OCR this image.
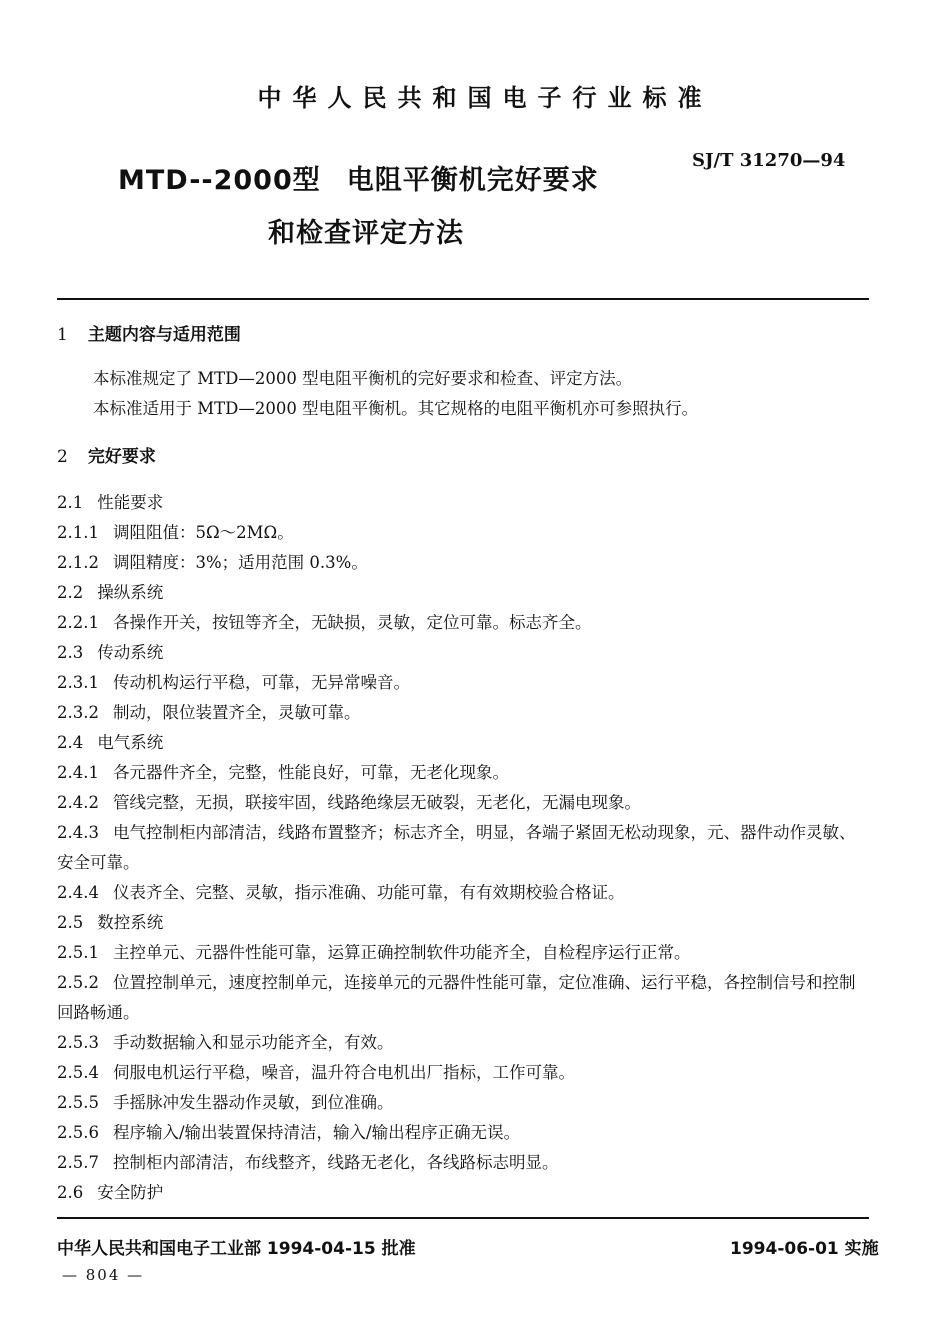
中华人民共和国电子行业标准
MTD--2000型 电阻平衡机完好要求
和检查评定方法
SJ/T 31270—94
1 主题内容与适用范围
本标准规定了 MTD—2000 型电阻平衡机的完好要求和检查、评定方法。
本标准适用于 MTD—2000 型电阻平衡机。其它规格的电阻平衡机亦可参照执行。
2 完好要求
2.1 性能要求
2.1.1 调阻阻值：5Ω～2MΩ。
2.1.2 调阻精度：3%；适用范围 0.3%。
2.2 操纵系统
2.2.1 各操作开关，按钮等齐全，无缺损，灵敏，定位可靠。标志齐全。
2.3 传动系统
2.3.1 传动机构运行平稳，可靠，无异常噪音。
2.3.2 制动，限位装置齐全，灵敏可靠。
2.4 电气系统
2.4.1 各元器件齐全，完整，性能良好，可靠，无老化现象。
2.4.2 管线完整，无损，联接牢固，线路绝缘层无破裂，无老化，无漏电现象。
2.4.3 电气控制柜内部清洁，线路布置整齐；标志齐全，明显，各端子紧固无松动现象，元、器件动作灵敏、安全可靠。
2.4.4 仪表齐全、完整、灵敏，指示准确、功能可靠，有有效期校验合格证。
2.5 数控系统
2.5.1 主控单元、元器件性能可靠，运算正确控制软件功能齐全，自检程序运行正常。
2.5.2 位置控制单元，速度控制单元，连接单元的元器件性能可靠，定位准确、运行平稳，各控制信号和控制回路畅通。
2.5.3 手动数据输入和显示功能齐全，有效。
2.5.4 伺服电机运行平稳，噪音，温升符合电机出厂指标，工作可靠。
2.5.5 手摇脉冲发生器动作灵敏，到位准确。
2.5.6 程序输入/输出装置保持清洁，输入/输出程序正确无误。
2.5.7 控制柜内部清洁，布线整齐，线路无老化，各线路标志明显。
2.6 安全防护
中华人民共和国电子工业部 1994-04-15 批准	1994-06-01 实施
— 804 —
